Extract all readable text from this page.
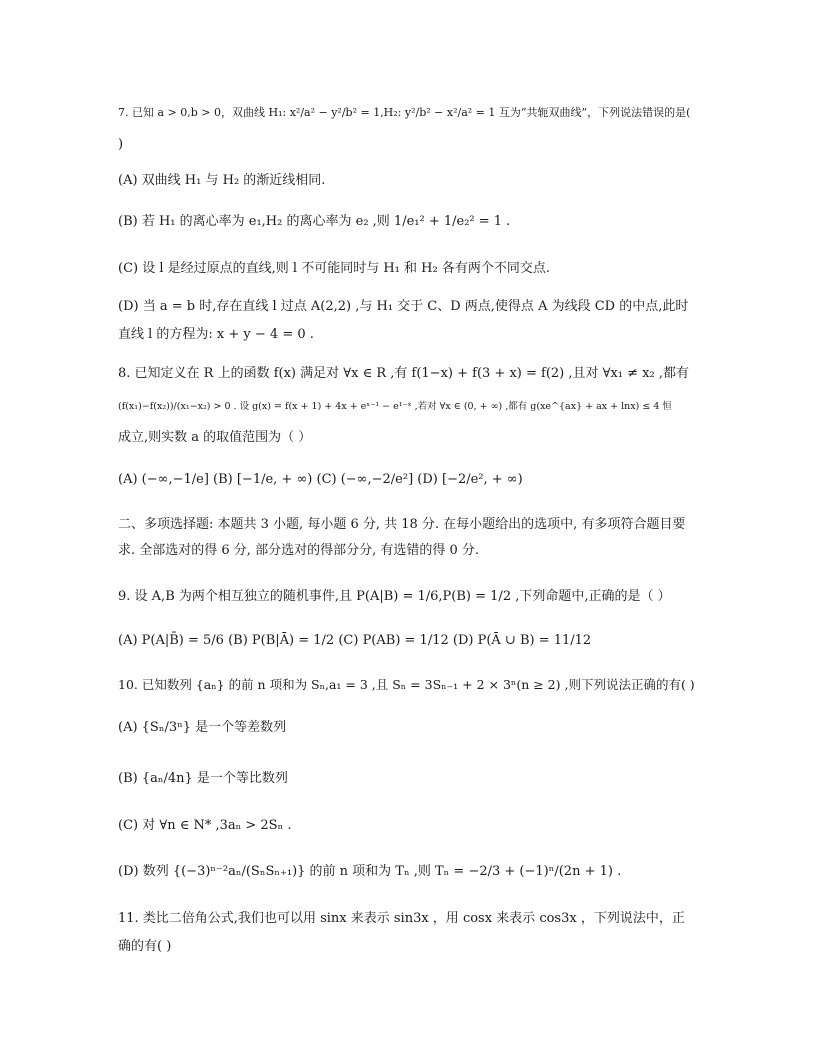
7. 已知 a > 0,b > 0，双曲线 H₁: x²/a² − y²/b² = 1,H₂: y²/b² − x²/a² = 1 互为“共轭双曲线”，下列说法错误的是(
)
(A) 双曲线 H₁ 与 H₂ 的渐近线相同.
(B) 若 H₁ 的离心率为 e₁,H₂ 的离心率为 e₂ ,则 1/e₁² + 1/e₂² = 1 .
(C) 设 l 是经过原点的直线,则 l 不可能同时与 H₁ 和 H₂ 各有两个不同交点.
(D) 当 a = b 时,存在直线 l 过点 A(2,2) ,与 H₁ 交于 C、D 两点,使得点 A 为线段 CD 的中点,此时
直线 l 的方程为: x + y − 4 = 0 .
8. 已知定义在 R 上的函数 f(x) 满足对 ∀x ∈ R ,有 f(1−x) + f(3 + x) = f(2) ,且对 ∀x₁ ≠ x₂ ,都有
(f(x₁)−f(x₂))/(x₁−x₂) > 0 . 设 g(x) = f(x + 1) + 4x + eˣ⁻¹ − e¹⁻ˣ ,若对 ∀x ∈ (0, + ∞) ,都有 g(xe^{ax} + ax + lnx) ≤ 4 恒
成立,则实数 a 的取值范围为（ ）
(A) (−∞,−1/e] (B) [−1/e, + ∞) (C) (−∞,−2/e²] (D) [−2/e², + ∞)
二、多项选择题: 本题共 3 小题, 每小题 6 分, 共 18 分. 在每小题给出的选项中, 有多项符合题目要求. 全部选对的得 6 分, 部分选对的得部分分, 有选错的得 0 分.
9. 设 A,B 为两个相互独立的随机事件,且 P(A|B) = 1/6,P(B) = 1/2 ,下列命题中,正确的是（ ）
(A) P(A|B̄) = 5/6 (B) P(B|Ā) = 1/2 (C) P(AB) = 1/12 (D) P(Ā ∪ B) = 11/12
10. 已知数列 {aₙ} 的前 n 项和为 Sₙ,a₁ = 3 ,且 Sₙ = 3Sₙ₋₁ + 2 × 3ⁿ(n ≥ 2) ,则下列说法正确的有( )
(A) {Sₙ/3ⁿ} 是一个等差数列
(B) {aₙ/4n} 是一个等比数列
(C) 对 ∀n ∈ N* ,3aₙ > 2Sₙ .
(D) 数列 {(−3)ⁿ⁻²aₙ/(SₙSₙ₊₁)} 的前 n 项和为 Tₙ ,则 Tₙ = −2/3 + (−1)ⁿ/(2n + 1) .
11. 类比二倍角公式,我们也可以用 sinx 来表示 sin3x ，用 cosx 来表示 cos3x ，下列说法中，正
确的有( )
